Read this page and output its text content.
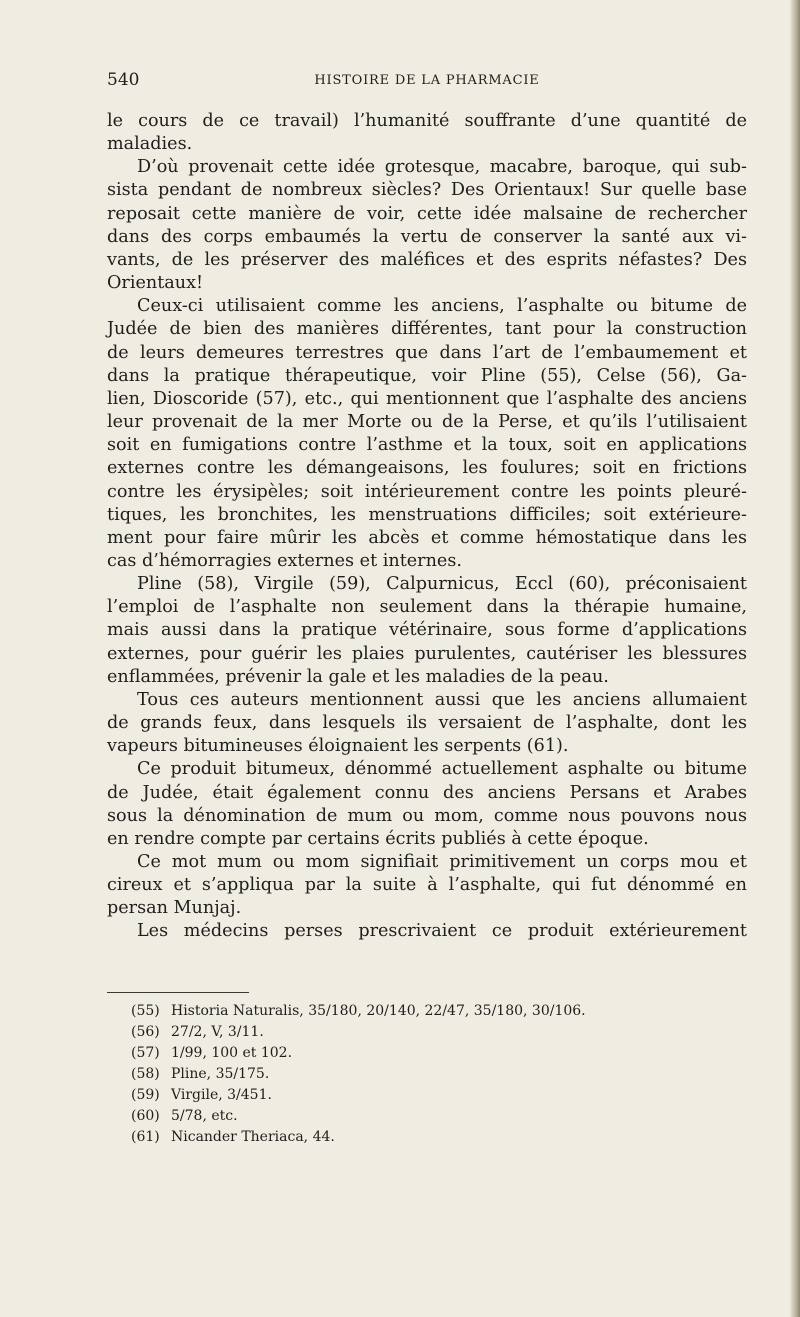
540	HISTOIRE DE LA PHARMACIE
le cours de ce travail) l’humanité souffrante d’une quantité de
maladies.
D’où provenait cette idée grotesque, macabre, baroque, qui sub-
sista pendant de nombreux siècles? Des Orientaux! Sur quelle base
reposait cette manière de voir, cette idée malsaine de rechercher
dans des corps embaumés la vertu de conserver la santé aux vi-
vants, de les préserver des maléfices et des esprits néfastes? Des
Orientaux!
Ceux-ci utilisaient comme les anciens, l’asphalte ou bitume de
Judée de bien des manières différentes, tant pour la construction
de leurs demeures terrestres que dans l’art de l’embaumement et
dans la pratique thérapeutique, voir Pline (55), Celse (56), Ga-
lien, Dioscoride (57), etc., qui mentionnent que l’asphalte des anciens
leur provenait de la mer Morte ou de la Perse, et qu’ils l’utilisaient
soit en fumigations contre l’asthme et la toux, soit en applications
externes contre les démangeaisons, les foulures; soit en frictions
contre les érysipèles; soit intérieurement contre les points pleuré-
tiques, les bronchites, les menstruations difficiles; soit extérieure-
ment pour faire mûrir les abcès et comme hémostatique dans les
cas d’hémorragies externes et internes.
Pline (58), Virgile (59), Calpurnicus, Eccl (60), préconisaient
l’emploi de l’asphalte non seulement dans la thérapie humaine,
mais aussi dans la pratique vétérinaire, sous forme d’applications
externes, pour guérir les plaies purulentes, cautériser les blessures
enflammées, prévenir la gale et les maladies de la peau.
Tous ces auteurs mentionnent aussi que les anciens allumaient
de grands feux, dans lesquels ils versaient de l’asphalte, dont les
vapeurs bitumineuses éloignaient les serpents (61).
Ce produit bitumeux, dénommé actuellement asphalte ou bitume
de Judée, était également connu des anciens Persans et Arabes
sous la dénomination de mum ou mom, comme nous pouvons nous
en rendre compte par certains écrits publiés à cette époque.
Ce mot mum ou mom signifiait primitivement un corps mou et
cireux et s’appliqua par la suite à l’asphalte, qui fut dénommé en
persan Munjaj.
Les médecins perses prescrivaient ce produit extérieurement
(55) Historia Naturalis, 35/180, 20/140, 22/47, 35/180, 30/106.
(56) 27/2, V, 3/11.
(57) 1/99, 100 et 102.
(58) Pline, 35/175.
(59) Virgile, 3/451.
(60) 5/78, etc.
(61) Nicander Theriaca, 44.
